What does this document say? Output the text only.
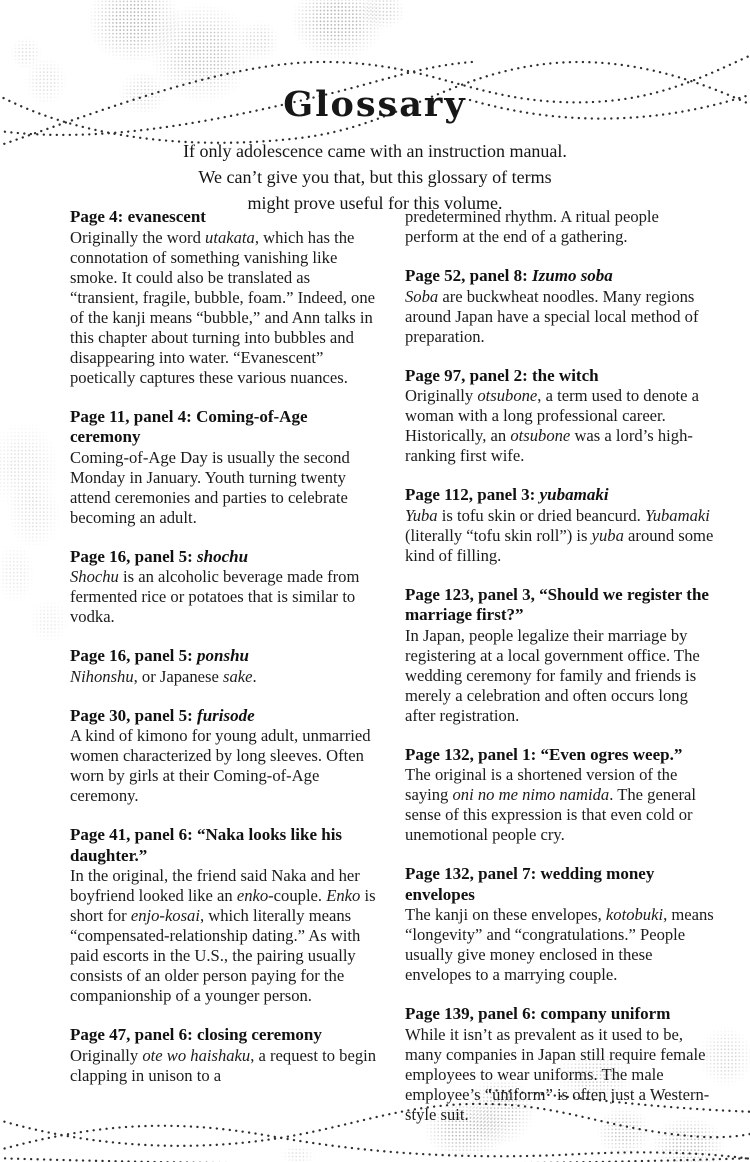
Glossary
If only adolescence came with an instruction manual.
We can’t give you that, but this glossary of terms
might prove useful for this volume.
Page 4: evanescent
Originally the word utakata, which has the connotation of something vanishing like smoke. It could also be translated as “transient, fragile, bubble, foam.” Indeed, one of the kanji means “bubble,” and Ann talks in this chapter about turning into bubbles and disappearing into water. “Evanescent” poetically captures these various nuances.
Page 11, panel 4: Coming-of-Age ceremony
Coming-of-Age Day is usually the second Monday in January. Youth turning twenty attend ceremonies and parties to celebrate becoming an adult.
Page 16, panel 5: shochu
Shochu is an alcoholic beverage made from fermented rice or potatoes that is similar to vodka.
Page 16, panel 5: ponshu
Nihonshu, or Japanese sake.
Page 30, panel 5: furisode
A kind of kimono for young adult, unmarried women characterized by long sleeves. Often worn by girls at their Coming-of-Age ceremony.
Page 41, panel 6: “Naka looks like his daughter.”
In the original, the friend said Naka and her boyfriend looked like an enko-couple. Enko is short for enjo-kosai, which literally means “compensated-relationship dating.” As with paid escorts in the U.S., the pairing usually consists of an older person paying for the companionship of a younger person.
Page 47, panel 6: closing ceremony
Originally ote wo haishaku, a request to begin clapping in unison to a
predetermined rhythm. A ritual people perform at the end of a gathering.
Page 52, panel 8: Izumo soba
Soba are buckwheat noodles. Many regions around Japan have a special local method of preparation.
Page 97, panel 2: the witch
Originally otsubone, a term used to denote a woman with a long professional career. Historically, an otsubone was a lord’s high-ranking first wife.
Page 112, panel 3: yubamaki
Yuba is tofu skin or dried beancurd. Yubamaki (literally “tofu skin roll”) is yuba around some kind of filling.
Page 123, panel 3, “Should we register the marriage first?”
In Japan, people legalize their marriage by registering at a local government office. The wedding ceremony for family and friends is merely a celebration and often occurs long after registration.
Page 132, panel 1: “Even ogres weep.”
The original is a shortened version of the saying oni no me nimo namida. The general sense of this expression is that even cold or unemotional people cry.
Page 132, panel 7: wedding money envelopes
The kanji on these envelopes, kotobuki, means “longevity” and “congratulations.” People usually give money enclosed in these envelopes to a marrying couple.
Page 139, panel 6: company uniform
While it isn’t as prevalent as it used to be, many companies in Japan still require female employees to wear uniforms. The male employee’s “uniform” is often just a Western-style suit.
